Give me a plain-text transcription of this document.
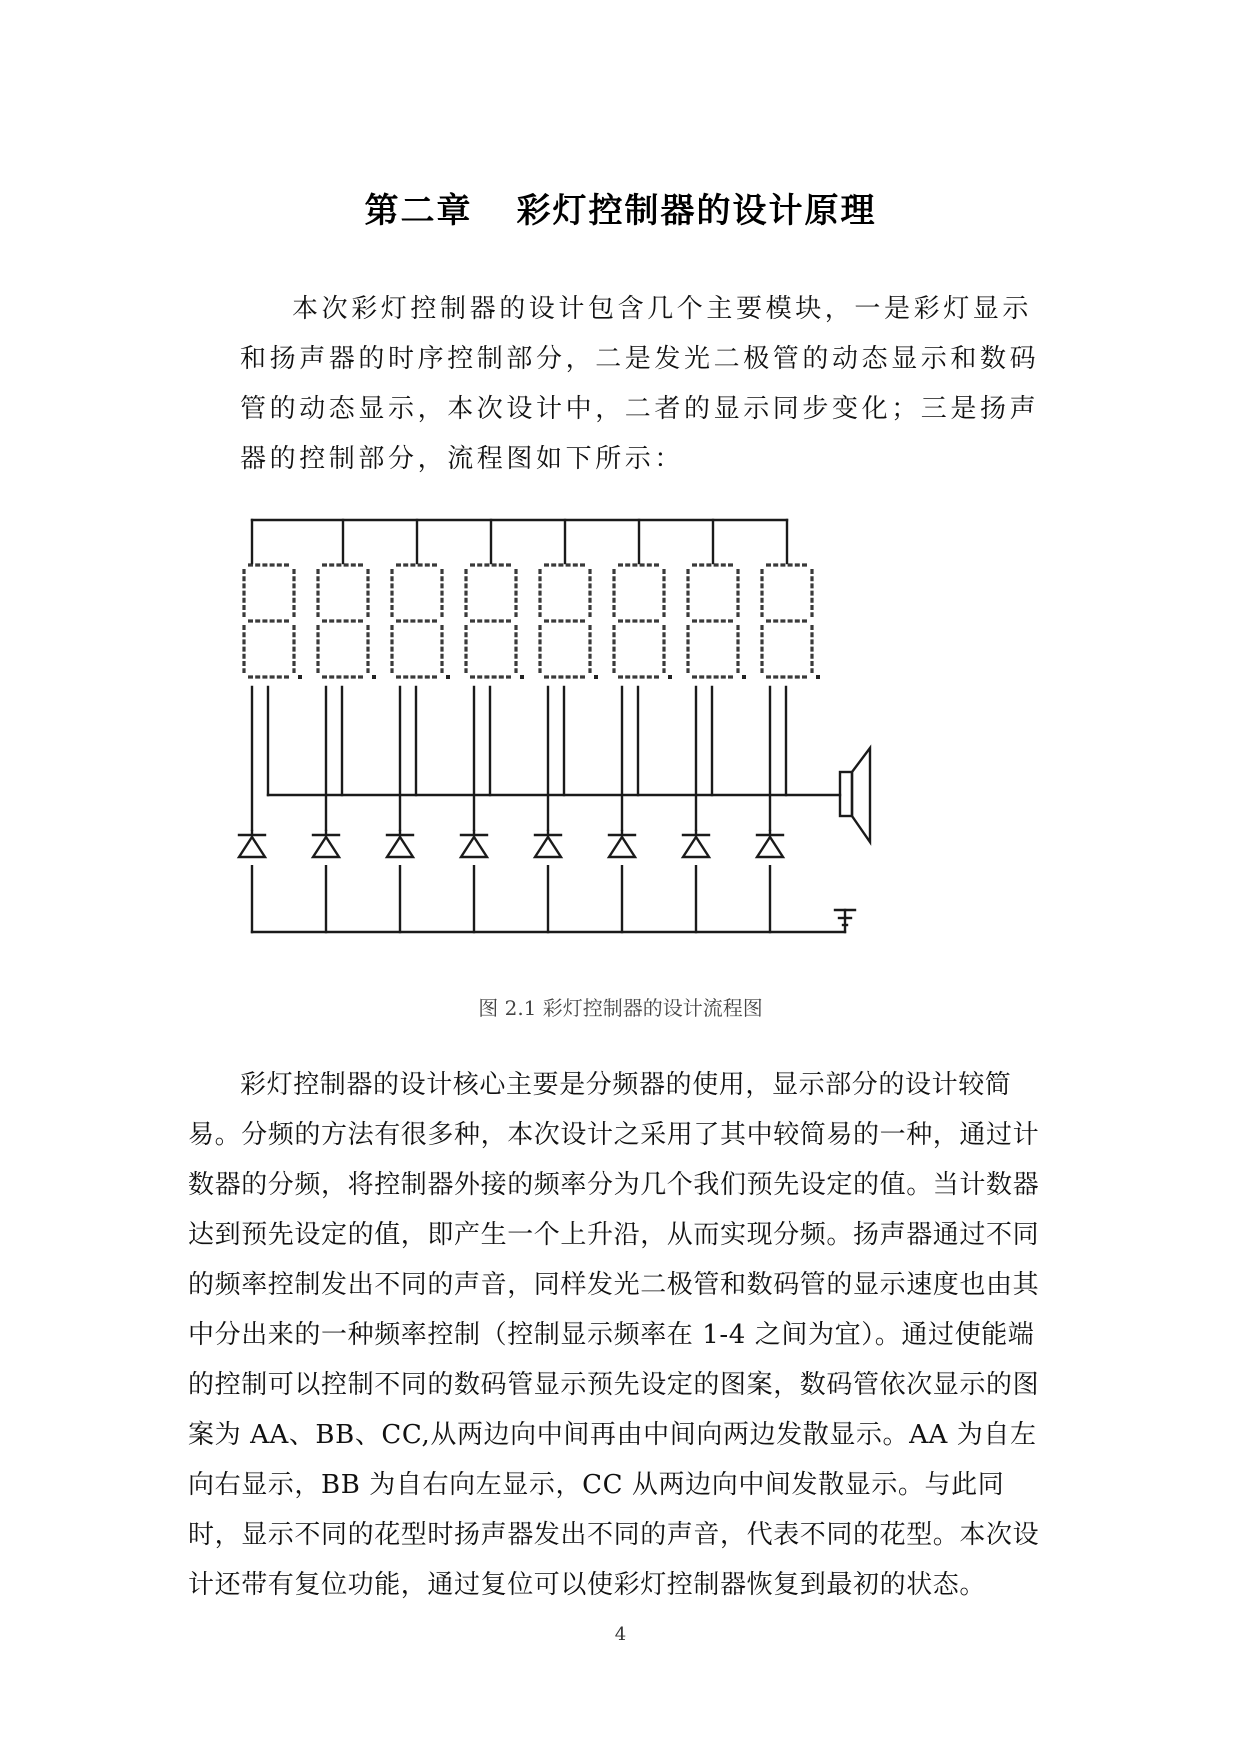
第二章 彩灯控制器的设计原理

本次彩灯控制器的设计包含几个主要模块，一是彩灯显示和扬声器的时序控制部分，二是发光二极管的动态显示和数码管的动态显示，本次设计中，二者的显示同步变化；三是扬声器的控制部分，流程图如下所示：

图 2.1 彩灯控制器的设计流程图

彩灯控制器的设计核心主要是分频器的使用，显示部分的设计较简易。分频的方法有很多种，本次设计之采用了其中较简易的一种，通过计数器的分频，将控制器外接的频率分为几个我们预先设定的值。当计数器达到预先设定的值，即产生一个上升沿，从而实现分频。扬声器通过不同的频率控制发出不同的声音，同样发光二极管和数码管的显示速度也由其中分出来的一种频率控制（控制显示频率在 1-4 之间为宜）。通过使能端的控制可以控制不同的数码管显示预先设定的图案，数码管依次显示的图案为 AA、BB、CC,从两边向中间再由中间向两边发散显示。AA 为自左向右显示，BB 为自右向左显示，CC 从两边向中间发散显示。与此同时，显示不同的花型时扬声器发出不同的声音，代表不同的花型。本次设计还带有复位功能，通过复位可以使彩灯控制器恢复到最初的状态。

4
